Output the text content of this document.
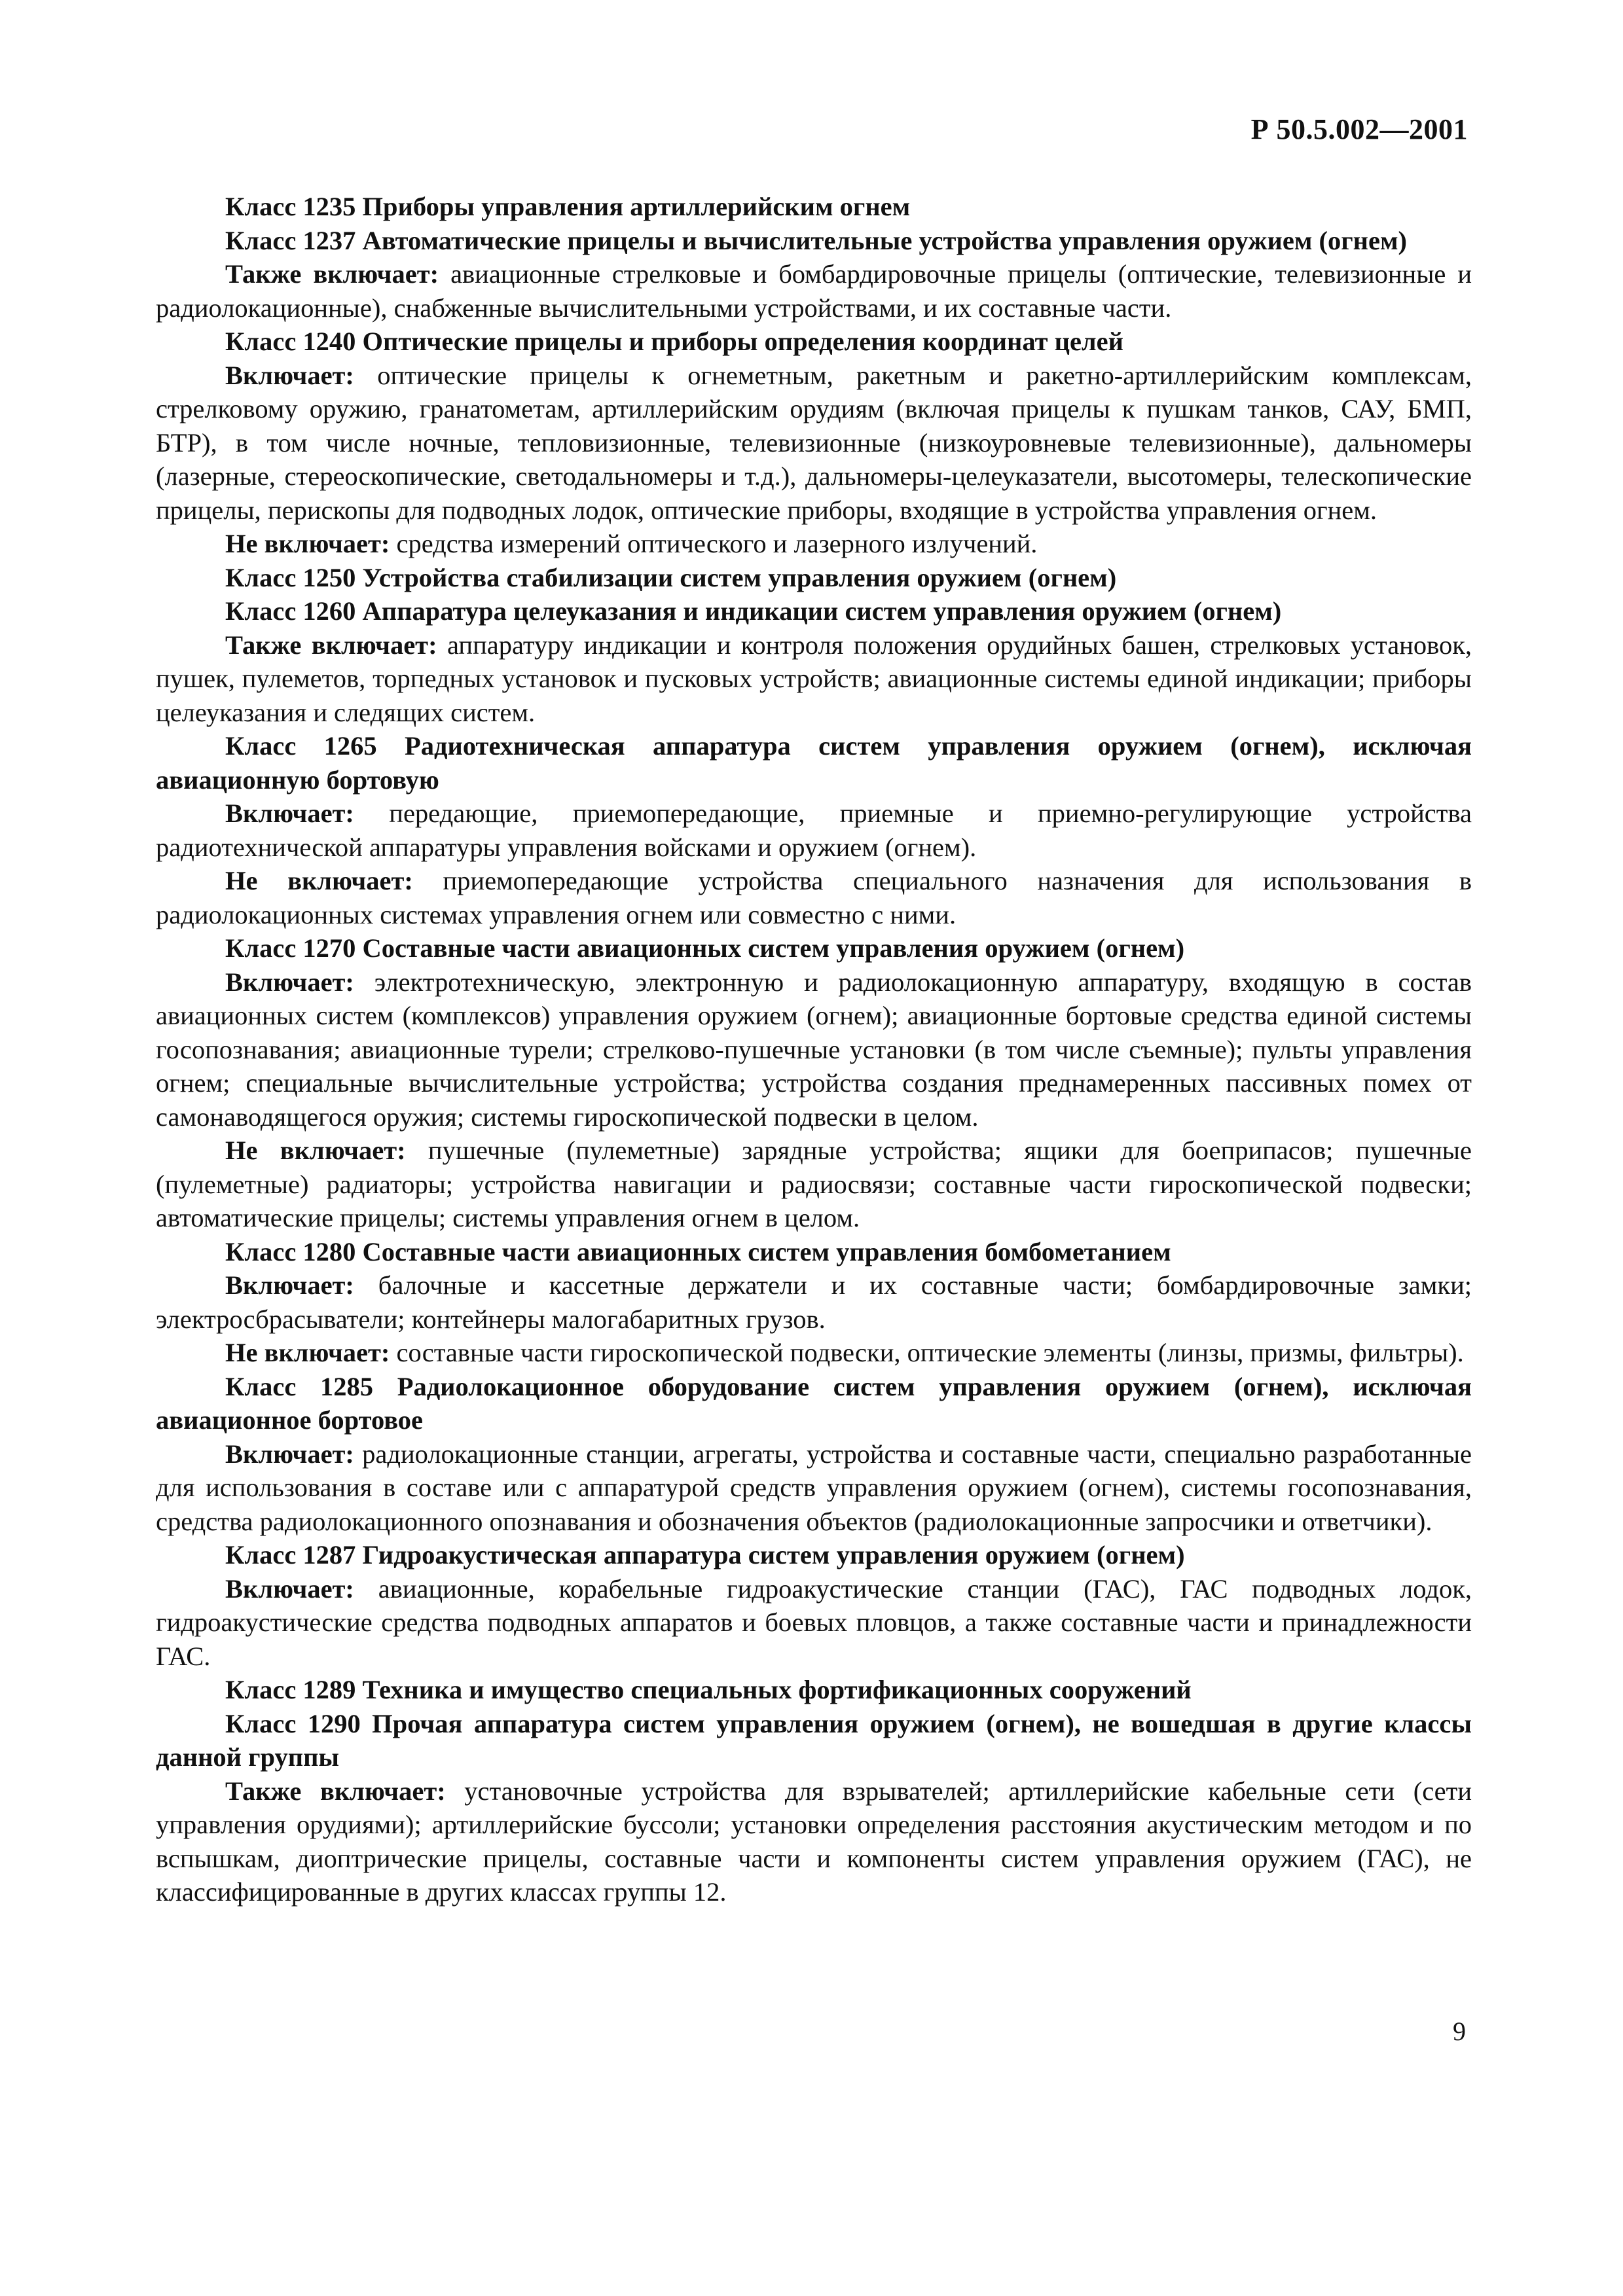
Р 50.5.002—2001

Класс 1235 Приборы управления артиллерийским огнем

Класс 1237 Автоматические прицелы и вычислительные устройства управления оружием (огнем)

Также включает: авиационные стрелковые и бомбардировочные прицелы (оптические, телевизионные и радиолокационные), снабженные вычислительными устройствами, и их составные части.

Класс 1240 Оптические прицелы и приборы определения координат целей

Включает: оптические прицелы к огнеметным, ракетным и ракетно-артиллерийским комплексам, стрелковому оружию, гранатометам, артиллерийским орудиям (включая прицелы к пушкам танков, САУ, БМП, БТР), в том числе ночные, тепловизионные, телевизионные (низкоуровневые телевизионные), дальномеры (лазерные, стереоскопические, светодальномеры и т.д.), дальномеры-целеуказатели, высотомеры, телескопические прицелы, перископы для подводных лодок, оптические приборы, входящие в устройства управления огнем.

Не включает: средства измерений оптического и лазерного излучений.

Класс 1250 Устройства стабилизации систем управления оружием (огнем)

Класс 1260 Аппаратура целеуказания и индикации систем управления оружием (огнем)

Также включает: аппаратуру индикации и контроля положения орудийных башен, стрелковых установок, пушек, пулеметов, торпедных установок и пусковых устройств; авиационные системы единой индикации; приборы целеуказания и следящих систем.

Класс 1265 Радиотехническая аппаратура систем управления оружием (огнем), исключая авиационную бортовую

Включает: передающие, приемопередающие, приемные и приемно-регулирующие устройства радиотехнической аппаратуры управления войсками и оружием (огнем).

Не включает: приемопередающие устройства специального назначения для использования в радиолокационных системах управления огнем или совместно с ними.

Класс 1270 Составные части авиационных систем управления оружием (огнем)

Включает: электротехническую, электронную и радиолокационную аппаратуру, входящую в состав авиационных систем (комплексов) управления оружием (огнем); авиационные бортовые средства единой системы госопознавания; авиационные турели; стрелково-пушечные установки (в том числе съемные); пульты управления огнем; специальные вычислительные устройства; устройства создания преднамеренных пассивных помех от самонаводящегося оружия; системы гироскопической подвески в целом.

Не включает: пушечные (пулеметные) зарядные устройства; ящики для боеприпасов; пушечные (пулеметные) радиаторы; устройства навигации и радиосвязи; составные части гироскопической подвески; автоматические прицелы; системы управления огнем в целом.

Класс 1280 Составные части авиационных систем управления бомбометанием

Включает: балочные и кассетные держатели и их составные части; бомбардировочные замки; электросбрасыватели; контейнеры малогабаритных грузов.

Не включает: составные части гироскопической подвески, оптические элементы (линзы, призмы, фильтры).

Класс 1285 Радиолокационное оборудование систем управления оружием (огнем), исключая авиационное бортовое

Включает: радиолокационные станции, агрегаты, устройства и составные части, специально разработанные для использования в составе или с аппаратурой средств управления оружием (огнем), системы госопознавания, средства радиолокационного опознавания и обозначения объектов (радиолокационные запросчики и ответчики).

Класс 1287 Гидроакустическая аппаратура систем управления оружием (огнем)

Включает: авиационные, корабельные гидроакустические станции (ГАС), ГАС подводных лодок, гидроакустические средства подводных аппаратов и боевых пловцов, а также составные части и принадлежности ГАС.

Класс 1289 Техника и имущество специальных фортификационных сооружений

Класс 1290 Прочая аппаратура систем управления оружием (огнем), не вошедшая в другие классы данной группы

Также включает: установочные устройства для взрывателей; артиллерийские кабельные сети (сети управления орудиями); артиллерийские буссоли; установки определения расстояния акустическим методом и по вспышкам, диоптрические прицелы, составные части и компоненты систем управления оружием (ГАС), не классифицированные в других классах группы 12.

9
